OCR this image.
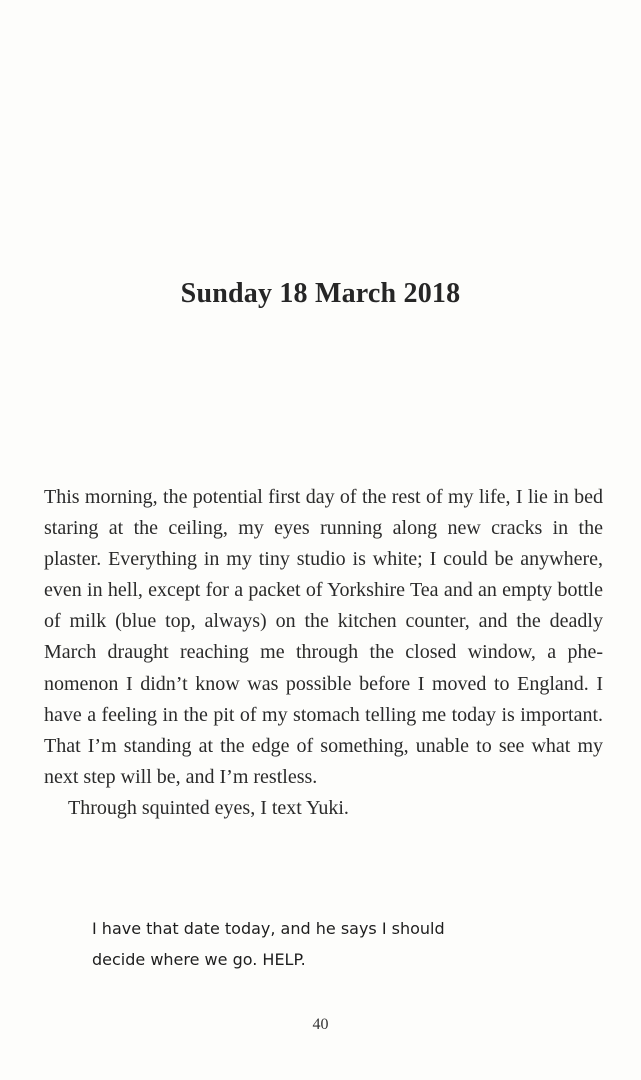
Sunday 18 March 2018

This morning, the potential first day of the rest of my life, I lie in bed staring at the ceiling, my eyes running along new cracks in the plaster. Everything in my tiny studio is white; I could be anywhere, even in hell, except for a packet of Yorkshire Tea and an empty bottle of milk (blue top, always) on the kitchen counter, and the deadly March draught reaching me through the closed window, a phenomenon I didn’t know was possible before I moved to England. I have a feeling in the pit of my stomach telling me today is important. That I’m standing at the edge of something, unable to see what my next step will be, and I’m restless.

Through squinted eyes, I text Yuki.

I have that date today, and he says I should decide where we go. HELP.
40
